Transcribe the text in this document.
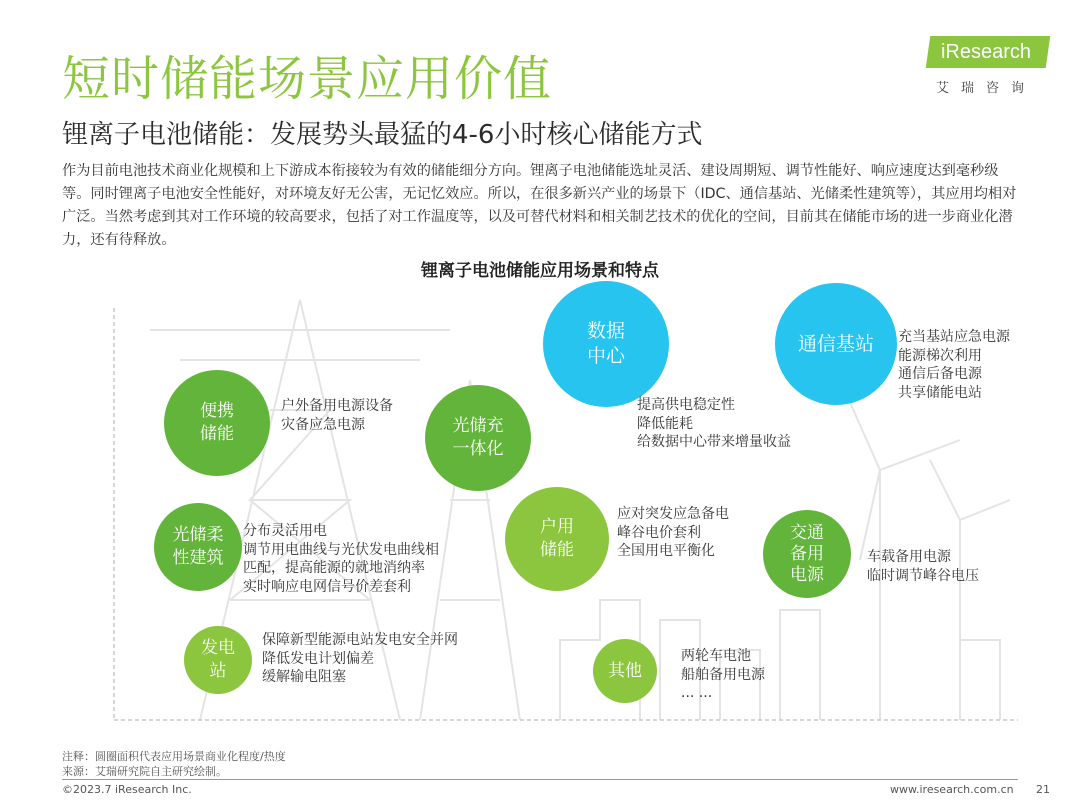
短时储能场景应用价值
锂离子电池储能：发展势头最猛的4-6小时核心储能方式
作为目前电池技术商业化规模和上下游成本衔接较为有效的储能细分方向。锂离子电池储能选址灵活、建设周期短、调节性能好、响应速度达到毫秒级等。同时锂离子电池安全性能好，对环境友好无公害，无记忆效应。所以，在很多新兴产业的场景下（IDC、通信基站、光储柔性建筑等），其应用均相对广泛。当然考虑到其对工作环境的较高要求，包括了对工作温度等，以及可替代材料和相关制艺技术的优化的空间，目前其在储能市场的进一步商业化潜力，还有待释放。
iResearch
艾瑞咨询
锂离子电池储能应用场景和特点
便携
储能
户外备用电源设备
灾备应急电源	光储充
一体化
数据
中心
提高供电稳定性
降低能耗
给数据中心带来增量收益
通信基站 充当基站应急电源
能源梯次利用
通信后备电源
共享储能电站
光储柔
性建筑
分布灵活用电
调节用电曲线与光伏发电曲线相
匹配，提高能源的就地消纳率
实时响应电网信号价差套利
户用
储能
应对突发应急备电
峰谷电价套利
全国用电平衡化
交通
备用
电源
车载备用电源
临时调节峰谷电压
发电
站
保障新型能源电站发电安全并网
降低发电计划偏差
缓解输电阻塞	其他
两轮车电池
船舶备用电源
... ...
注释：圆圈面积代表应用场景商业化程度/热度
来源：艾瑞研究院自主研究绘制。
©2023.7 iResearch Inc.	www.iresearch.com.cn 21
